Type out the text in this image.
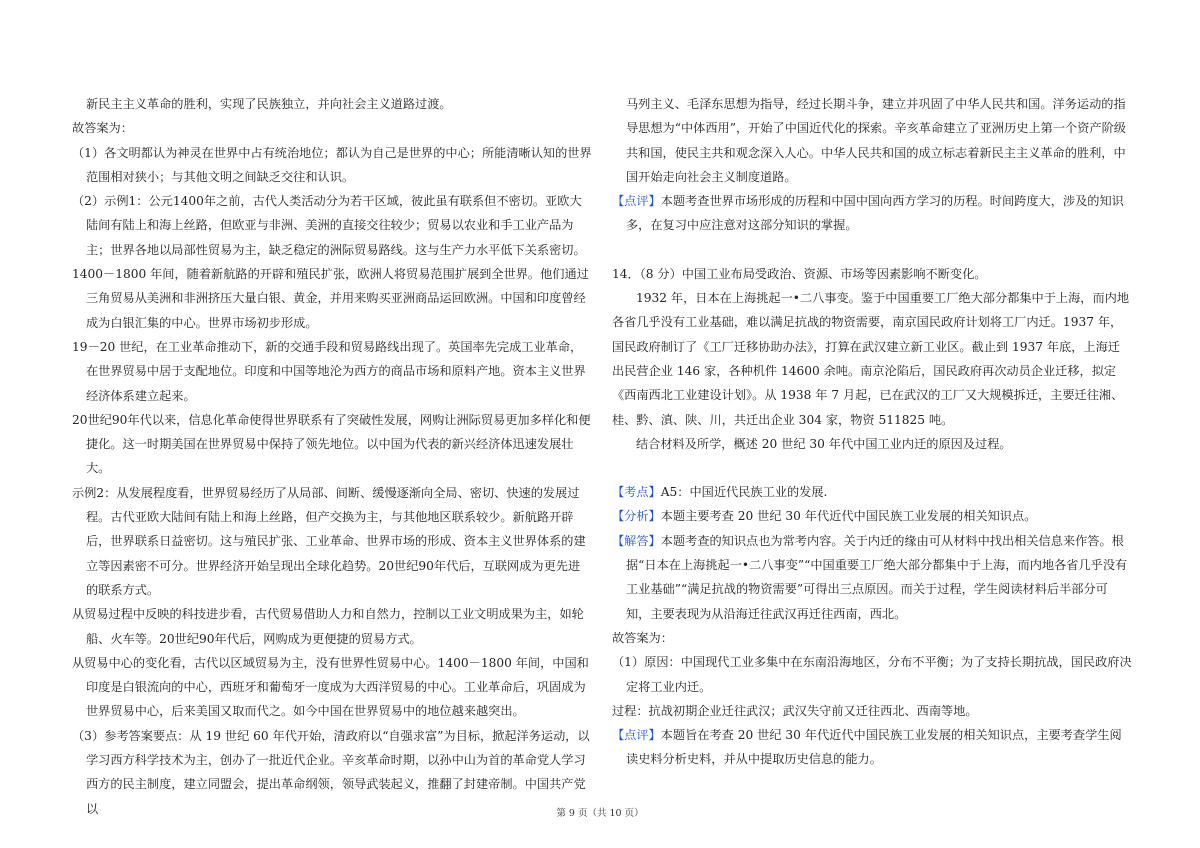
新民主主义革命的胜利，实现了民族独立，并向社会主义道路过渡。
故答案为：
（1）各文明都认为神灵在世界中占有统治地位；都认为自己是世界的中心；所能清晰认知的世界范围相对狭小；与其他文明之间缺乏交往和认识。
（2）示例1：公元1400年之前，古代人类活动分为若干区域，彼此虽有联系但不密切。亚欧大陆间有陆上和海上丝路，但欧亚与非洲、美洲的直接交往较少；贸易以农业和手工业产品为主；世界各地以局部性贸易为主，缺乏稳定的洲际贸易路线。这与生产力水平低下关系密切。
1400－1800 年间，随着新航路的开辟和殖民扩张，欧洲人将贸易范围扩展到全世界。他们通过三角贸易从美洲和非洲挤压大量白银、黄金，并用来购买亚洲商品运回欧洲。中国和印度曾经成为白银汇集的中心。世界市场初步形成。
19－20 世纪，在工业革命推动下，新的交通手段和贸易路线出现了。英国率先完成工业革命，在世界贸易中居于支配地位。印度和中国等地沦为西方的商品市场和原料产地。资本主义世界经济体系建立起来。
20世纪90年代以来，信息化革命使得世界联系有了突破性发展，网购让洲际贸易更加多样化和便捷化。这一时期美国在世界贸易中保持了领先地位。以中国为代表的新兴经济体迅速发展壮大。
示例2：从发展程度看，世界贸易经历了从局部、间断、缓慢逐渐向全局、密切、快速的发展过程。古代亚欧大陆间有陆上和海上丝路，但产交换为主，与其他地区联系较少。新航路开辟后，世界联系日益密切。这与殖民扩张、工业革命、世界市场的形成、资本主义世界体系的建立等因素密不可分。世界经济开始呈现出全球化趋势。20世纪90年代后，互联网成为更先进的联系方式。
从贸易过程中反映的科技进步看，古代贸易借助人力和自然力，控制以工业文明成果为主，如轮船、火车等。20世纪90年代后，网购成为更便捷的贸易方式。
从贸易中心的变化看，古代以区域贸易为主，没有世界性贸易中心。1400－1800 年间，中国和印度是白银流向的中心，西班牙和葡萄牙一度成为大西洋贸易的中心。工业革命后，巩固成为世界贸易中心，后来美国又取而代之。如今中国在世界贸易中的地位越来越突出。
（3）参考答案要点：从 19 世纪 60 年代开始，清政府以“自强求富”为目标，掀起洋务运动，以学习西方科学技术为主，创办了一批近代企业。辛亥革命时期，以孙中山为首的革命党人学习西方的民主制度，建立同盟会，提出革命纲领，领导武装起义，推翻了封建帝制。中国共产党以
马列主义、毛泽东思想为指导，经过长期斗争，建立并巩固了中华人民共和国。洋务运动的指导思想为“中体西用”，开始了中国近代化的探索。辛亥革命建立了亚洲历史上第一个资产阶级共和国，使民主共和观念深入人心。中华人民共和国的成立标志着新民主主义革命的胜利，中国开始走向社会主义制度道路。
【点评】本题考查世界市场形成的历程和中国中国向西方学习的历程。时间跨度大，涉及的知识多，在复习中应注意对这部分知识的掌握。
14．（8 分）中国工业布局受政治、资源、市场等因素影响不断变化。
1932 年，日本在上海挑起一•二八事变。鉴于中国重要工厂绝大部分都集中于上海，而内地各省几乎没有工业基础，难以满足抗战的物资需要，南京国民政府计划将工厂内迁。1937 年，国民政府制订了《工厂迁移协助办法》，打算在武汉建立新工业区。截止到 1937 年底，上海迁出民营企业 146 家，各种机件 14600 余吨。南京沦陷后，国民政府再次动员企业迁移，拟定《西南西北工业建设计划》。从 1938 年 7 月起，已在武汉的工厂又大规模拆迁，主要迁往湘、桂、黔、滇、陕、川，共迁出企业 304 家，物资 511825 吨。
结合材料及所学，概述 20 世纪 30 年代中国工业内迁的原因及过程。
【考点】A5：中国近代民族工业的发展.
【分析】本题主要考查 20 世纪 30 年代近代中国民族工业发展的相关知识点。
【解答】本题考查的知识点也为常考内容。关于内迁的缘由可从材料中找出相关信息来作答。根据“日本在上海挑起一•二八事变”“中国重要工厂绝大部分都集中于上海，而内地各省几乎没有工业基础”“满足抗战的物资需要”可得出三点原因。而关于过程，学生阅读材料后半部分可知，主要表现为从沿海迁往武汉再迁往西南，西北。
故答案为：
（1）原因：中国现代工业多集中在东南沿海地区，分布不平衡；为了支持长期抗战，国民政府决定将工业内迁。
过程：抗战初期企业迁往武汉；武汉失守前又迁往西北、西南等地。
【点评】本题旨在考查 20 世纪 30 年代近代中国民族工业发展的相关知识点，主要考查学生阅读史料分析史料，并从中提取历史信息的能力。
第 9 页（共 10 页）
